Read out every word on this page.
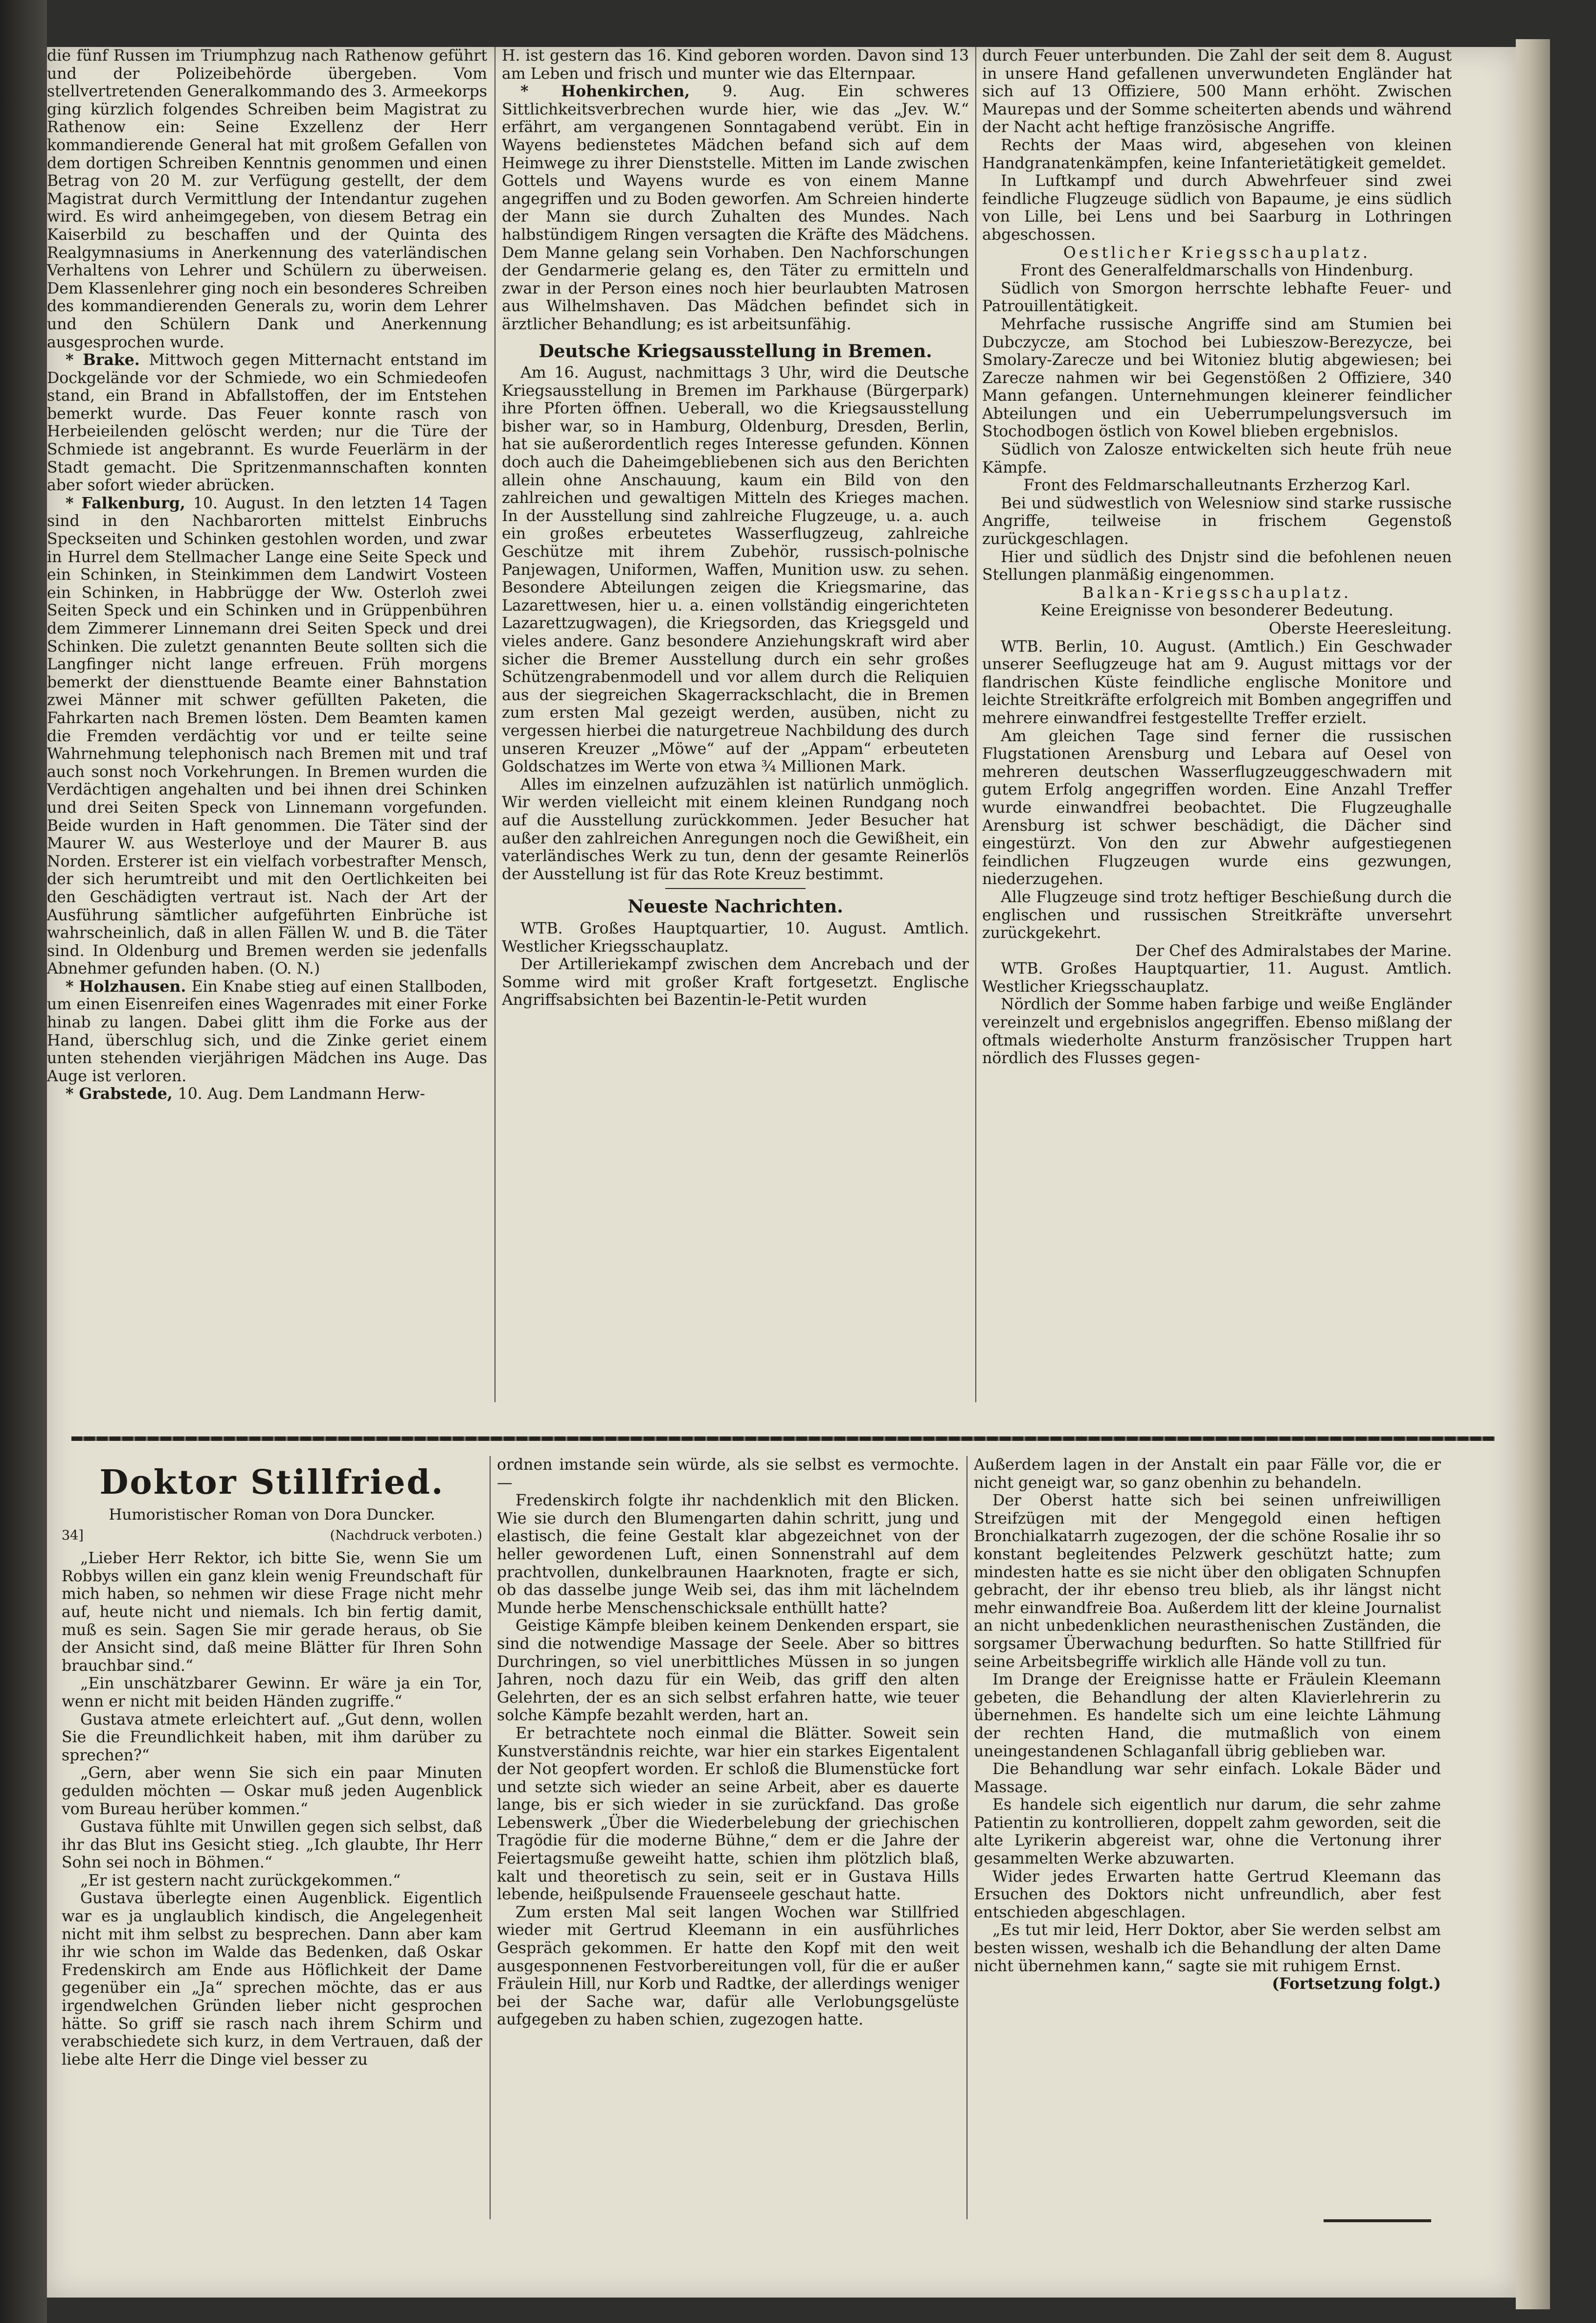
die fünf Russen im Triumphzug nach Rathenow geführt und der Polizeibehörde übergeben. Vom stellvertretenden Generalkommando des 3. Armeekorps ging kürzlich folgendes Schreiben beim Magistrat zu Rathenow ein: Seine Exzellenz der Herr kommandierende General hat mit großem Gefallen von dem dortigen Schreiben Kenntnis genommen und einen Betrag von 20 M. zur Verfügung gestellt, der dem Magistrat durch Vermittlung der Intendantur zugehen wird. Es wird anheimgegeben, von diesem Betrag ein Kaiserbild zu beschaffen und der Quinta des Realgymnasiums in Anerkennung des vaterländischen Verhaltens von Lehrer und Schülern zu überweisen. Dem Klassenlehrer ging noch ein besonderes Schreiben des kommandierenden Generals zu, worin dem Lehrer und den Schülern Dank und Anerkennung ausgesprochen wurde.

* Brake. Mittwoch gegen Mitternacht entstand im Dockgelände vor der Schmiede, wo ein Schmiedeofen stand, ein Brand in Abfallstoffen, der im Entstehen bemerkt wurde. Das Feuer konnte rasch von Herbeieilenden gelöscht werden; nur die Türe der Schmiede ist angebrannt. Es wurde Feuerlärm in der Stadt gemacht. Die Spritzenmannschaften konnten aber sofort wieder abrücken.

* Falkenburg, 10. August. In den letzten 14 Tagen sind in den Nachbarorten mittelst Einbruchs Speckseiten und Schinken gestohlen worden, und zwar in Hurrel dem Stellmacher Lange eine Seite Speck und ein Schinken, in Steinkimmen dem Landwirt Vosteen ein Schinken, in Habbrügge der Ww. Osterloh zwei Seiten Speck und ein Schinken und in Grüppenbühren dem Zimmerer Linnemann drei Seiten Speck und drei Schinken. Die zuletzt genannten Beute sollten sich die Langfinger nicht lange erfreuen. Früh morgens bemerkt der diensttuende Beamte einer Bahnstation zwei Männer mit schwer gefüllten Paketen, die Fahrkarten nach Bremen lösten. Dem Beamten kamen die Fremden verdächtig vor und er teilte seine Wahrnehmung telephonisch nach Bremen mit und traf auch sonst noch Vorkehrungen. In Bremen wurden die Verdächtigen angehalten und bei ihnen drei Schinken und drei Seiten Speck von Linnemann vorgefunden. Beide wurden in Haft genommen. Die Täter sind der Maurer W. aus Westerloye und der Maurer B. aus Norden. Ersterer ist ein vielfach vorbestrafter Mensch, der sich herumtreibt und mit den Oertlichkeiten bei den Geschädigten vertraut ist. Nach der Art der Ausführung sämtlicher aufgeführten Einbrüche ist wahrscheinlich, daß in allen Fällen W. und B. die Täter sind. In Oldenburg und Bremen werden sie jedenfalls Abnehmer gefunden haben. (O. N.)

* Holzhausen. Ein Knabe stieg auf einen Stallboden, um einen Eisenreifen eines Wagenrades mit einer Forke hinab zu langen. Dabei glitt ihm die Forke aus der Hand, überschlug sich, und die Zinke geriet einem unten stehenden vierjährigen Mädchen ins Auge. Das Auge ist verloren.

* Grabstede, 10. Aug. Dem Landmann Herw-

H. ist gestern das 16. Kind geboren worden. Davon sind 13 am Leben und frisch und munter wie das Elternpaar.

* Hohenkirchen, 9. Aug. Ein schweres Sittlichkeitsverbrechen wurde hier, wie das „Jev. W.“ erfährt, am vergangenen Sonntagabend verübt. Ein in Wayens bedienstetes Mädchen befand sich auf dem Heimwege zu ihrer Dienststelle. Mitten im Lande zwischen Gottels und Wayens wurde es von einem Manne angegriffen und zu Boden geworfen. Am Schreien hinderte der Mann sie durch Zuhalten des Mundes. Nach halbstündigem Ringen versagten die Kräfte des Mädchens. Dem Manne gelang sein Vorhaben. Den Nachforschungen der Gendarmerie gelang es, den Täter zu ermitteln und zwar in der Person eines noch hier beurlaubten Matrosen aus Wilhelmshaven. Das Mädchen befindet sich in ärztlicher Behandlung; es ist arbeitsunfähig.

Deutsche Kriegsausstellung in Bremen.

Am 16. August, nachmittags 3 Uhr, wird die Deutsche Kriegsausstellung in Bremen im Parkhause (Bürgerpark) ihre Pforten öffnen. Ueberall, wo die Kriegsausstellung bisher war, so in Hamburg, Oldenburg, Dresden, Berlin, hat sie außerordentlich reges Interesse gefunden. Können doch auch die Daheimgebliebenen sich aus den Berichten allein ohne Anschauung, kaum ein Bild von den zahlreichen und gewaltigen Mitteln des Krieges machen. In der Ausstellung sind zahlreiche Flugzeuge, u. a. auch ein großes erbeutetes Wasserflugzeug, zahlreiche Geschütze mit ihrem Zubehör, russisch-polnische Panjewagen, Uniformen, Waffen, Munition usw. zu sehen. Besondere Abteilungen zeigen die Kriegsmarine, das Lazarettwesen, hier u. a. einen vollständig eingerichteten Lazarettzugwagen), die Kriegsorden, das Kriegsgeld und vieles andere. Ganz besondere Anziehungskraft wird aber sicher die Bremer Ausstellung durch ein sehr großes Schützengrabenmodell und vor allem durch die Reliquien aus der siegreichen Skagerrackschlacht, die in Bremen zum ersten Mal gezeigt werden, ausüben, nicht zu vergessen hierbei die naturgetreue Nachbildung des durch unseren Kreuzer „Möwe“ auf der „Appam“ erbeuteten Goldschatzes im Werte von etwa ¾ Millionen Mark.

Alles im einzelnen aufzuzählen ist natürlich unmöglich. Wir werden vielleicht mit einem kleinen Rundgang noch auf die Ausstellung zurückkommen. Jeder Besucher hat außer den zahlreichen Anregungen noch die Gewißheit, ein vaterländisches Werk zu tun, denn der gesamte Reinerlös der Ausstellung ist für das Rote Kreuz bestimmt.

Neueste Nachrichten.

WTB. Großes Hauptquartier, 10. August. Amtlich. Westlicher Kriegsschauplatz.

Der Artilleriekampf zwischen dem Ancrebach und der Somme wird mit großer Kraft fortgesetzt. Englische Angriffsabsichten bei Bazentin-le-Petit wurden

durch Feuer unterbunden. Die Zahl der seit dem 8. August in unsere Hand gefallenen unverwundeten Engländer hat sich auf 13 Offiziere, 500 Mann erhöht. Zwischen Maurepas und der Somme scheiterten abends und während der Nacht acht heftige französische Angriffe.

Rechts der Maas wird, abgesehen von kleinen Handgranatenkämpfen, keine Infanterietätigkeit gemeldet.

In Luftkampf und durch Abwehrfeuer sind zwei feindliche Flugzeuge südlich von Bapaume, je eins südlich von Lille, bei Lens und bei Saarburg in Lothringen abgeschossen.

Oestlicher Kriegsschauplatz.

Front des Generalfeldmarschalls von Hindenburg.

Südlich von Smorgon herrschte lebhafte Feuer- und Patrouillentätigkeit.

Mehrfache russische Angriffe sind am Stumien bei Dubczycze, am Stochod bei Lubieszow-Berezycze, bei Smolary-Zarecze und bei Witoniez blutig abgewiesen; bei Zarecze nahmen wir bei Gegenstößen 2 Offiziere, 340 Mann gefangen. Unternehmungen kleinerer feindlicher Abteilungen und ein Ueberrumpelungsversuch im Stochodbogen östlich von Kowel blieben ergebnislos.

Südlich von Zalosze entwickelten sich heute früh neue Kämpfe.

Front des Feldmarschalleutnants Erzherzog Karl.

Bei und südwestlich von Welesniow sind starke russische Angriffe, teilweise in frischem Gegenstoß zurückgeschlagen.

Hier und südlich des Dnjstr sind die befohlenen neuen Stellungen planmäßig eingenommen.

Balkan-Kriegsschauplatz.

Keine Ereignisse von besonderer Bedeutung.

Oberste Heeresleitung.

WTB. Berlin, 10. August. (Amtlich.) Ein Geschwader unserer Seeflugzeuge hat am 9. August mittags vor der flandrischen Küste feindliche englische Monitore und leichte Streitkräfte erfolgreich mit Bomben angegriffen und mehrere einwandfrei festgestellte Treffer erzielt.

Am gleichen Tage sind ferner die russischen Flugstationen Arensburg und Lebara auf Oesel von mehreren deutschen Wasserflugzeuggeschwadern mit gutem Erfolg angegriffen worden. Eine Anzahl Treffer wurde einwandfrei beobachtet. Die Flugzeughalle Arensburg ist schwer beschädigt, die Dächer sind eingestürzt. Von den zur Abwehr aufgestiegenen feindlichen Flugzeugen wurde eins gezwungen, niederzugehen.

Alle Flugzeuge sind trotz heftiger Beschießung durch die englischen und russischen Streitkräfte unversehrt zurückgekehrt.

Der Chef des Admiralstabes der Marine.

WTB. Großes Hauptquartier, 11. August. Amtlich. Westlicher Kriegsschauplatz.

Nördlich der Somme haben farbige und weiße Engländer vereinzelt und ergebnislos angegriffen. Ebenso mißlang der oftmals wiederholte Ansturm französischer Truppen hart nördlich des Flusses gegen-

Doktor Stillfried.
Humoristischer Roman von Dora Duncker.
34]	(Nachdruck verboten.)

„Lieber Herr Rektor, ich bitte Sie, wenn Sie um Robbys willen ein ganz klein wenig Freundschaft für mich haben, so nehmen wir diese Frage nicht mehr auf, heute nicht und niemals. Ich bin fertig damit, muß es sein. Sagen Sie mir gerade heraus, ob Sie der Ansicht sind, daß meine Blätter für Ihren Sohn brauchbar sind.“

„Ein unschätzbarer Gewinn. Er wäre ja ein Tor, wenn er nicht mit beiden Händen zugriffe.“

Gustava atmete erleichtert auf. „Gut denn, wollen Sie die Freundlichkeit haben, mit ihm darüber zu sprechen?“

„Gern, aber wenn Sie sich ein paar Minuten gedulden möchten — Oskar muß jeden Augenblick vom Bureau herüber kommen.“

Gustava fühlte mit Unwillen gegen sich selbst, daß ihr das Blut ins Gesicht stieg. „Ich glaubte, Ihr Herr Sohn sei noch in Böhmen.“

„Er ist gestern nacht zurückgekommen.“

Gustava überlegte einen Augenblick. Eigentlich war es ja unglaublich kindisch, die Angelegenheit nicht mit ihm selbst zu besprechen. Dann aber kam ihr wie schon im Walde das Bedenken, daß Oskar Fredenskirch am Ende aus Höflichkeit der Dame gegenüber ein „Ja“ sprechen möchte, das er aus irgendwelchen Gründen lieber nicht gesprochen hätte. So griff sie rasch nach ihrem Schirm und verabschiedete sich kurz, in dem Vertrauen, daß der liebe alte Herr die Dinge viel besser zu

ordnen imstande sein würde, als sie selbst es vermochte. —

Fredenskirch folgte ihr nachdenklich mit den Blicken. Wie sie durch den Blumengarten dahin schritt, jung und elastisch, die feine Gestalt klar abgezeichnet von der heller gewordenen Luft, einen Sonnenstrahl auf dem prachtvollen, dunkelbraunen Haarknoten, fragte er sich, ob das dasselbe junge Weib sei, das ihm mit lächelndem Munde herbe Menschenschicksale enthüllt hatte?

Geistige Kämpfe bleiben keinem Denkenden erspart, sie sind die notwendige Massage der Seele. Aber so bittres Durchringen, so viel unerbittliches Müssen in so jungen Jahren, noch dazu für ein Weib, das griff den alten Gelehrten, der es an sich selbst erfahren hatte, wie teuer solche Kämpfe bezahlt werden, hart an.

Er betrachtete noch einmal die Blätter. Soweit sein Kunstverständnis reichte, war hier ein starkes Eigentalent der Not geopfert worden. Er schloß die Blumenstücke fort und setzte sich wieder an seine Arbeit, aber es dauerte lange, bis er sich wieder in sie zurückfand. Das große Lebenswerk „Über die Wiederbelebung der griechischen Tragödie für die moderne Bühne,“ dem er die Jahre der Feiertagsmuße geweiht hatte, schien ihm plötzlich blaß, kalt und theoretisch zu sein, seit er in Gustava Hills lebende, heißpulsende Frauenseele geschaut hatte.

Zum ersten Mal seit langen Wochen war Stillfried wieder mit Gertrud Kleemann in ein ausführliches Gespräch gekommen. Er hatte den Kopf mit den weit ausgesponnenen Festvorbereitungen voll, für die er außer Fräulein Hill, nur Korb und Radtke, der allerdings weniger bei der Sache war, dafür alle Verlobungsgelüste aufgegeben zu haben schien, zugezogen hatte.

Außerdem lagen in der Anstalt ein paar Fälle vor, die er nicht geneigt war, so ganz obenhin zu behandeln.

Der Oberst hatte sich bei seinen unfreiwilligen Streifzügen mit der Mengegold einen heftigen Bronchialkatarrh zugezogen, der die schöne Rosalie ihr so konstant begleitendes Pelzwerk geschützt hatte; zum mindesten hatte es sie nicht über den obligaten Schnupfen gebracht, der ihr ebenso treu blieb, als ihr längst nicht mehr einwandfreie Boa. Außerdem litt der kleine Journalist an nicht unbedenklichen neurasthenischen Zuständen, die sorgsamer Überwachung bedurften. So hatte Stillfried für seine Arbeitsbegriffe wirklich alle Hände voll zu tun.

Im Drange der Ereignisse hatte er Fräulein Kleemann gebeten, die Behandlung der alten Klavierlehrerin zu übernehmen. Es handelte sich um eine leichte Lähmung der rechten Hand, die mutmaßlich von einem uneingestandenen Schlaganfall übrig geblieben war.

Die Behandlung war sehr einfach. Lokale Bäder und Massage.

Es handele sich eigentlich nur darum, die sehr zahme Patientin zu kontrollieren, doppelt zahm geworden, seit die alte Lyrikerin abgereist war, ohne die Vertonung ihrer gesammelten Werke abzuwarten.

Wider jedes Erwarten hatte Gertrud Kleemann das Ersuchen des Doktors nicht unfreundlich, aber fest entschieden abgeschlagen.

„Es tut mir leid, Herr Doktor, aber Sie werden selbst am besten wissen, weshalb ich die Behandlung der alten Dame nicht übernehmen kann,“ sagte sie mit ruhigem Ernst.

(Fortsetzung folgt.)
